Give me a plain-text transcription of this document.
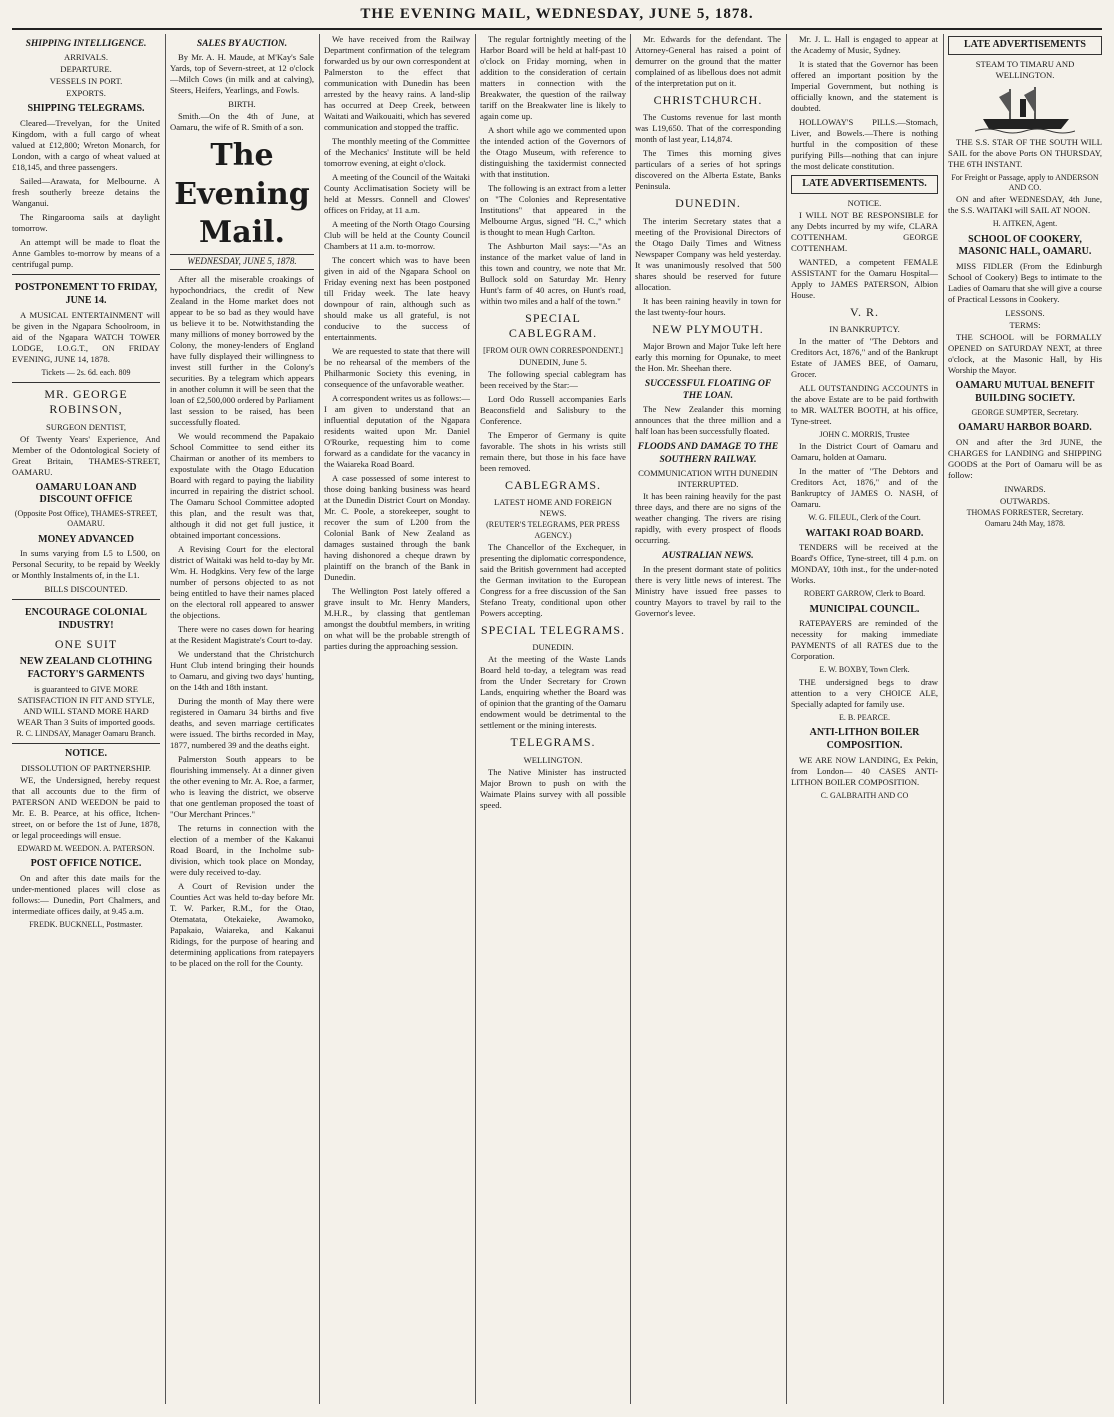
THE EVENING MAIL, WEDNESDAY, JUNE 5, 1878.
SHIPPING INTELLIGENCE.
ARRIVALS.
DEPARTURE.
VESSELS IN PORT.
EXPORTS.
SHIPPING TELEGRAMS.

Cleared—Trevelyan, for the United Kingdom, with a full cargo of wheat valued at £12,800; Wreton Monarch, for London, with a cargo of wheat valued at £18,145, and three passengers.

Sailed—Arawata, for Melbourne. A fresh southerly breeze detains the Wanganui.

The Ringarooma sails at daylight tomorrow.

An attempt will be made to float the Anne Gambles to-morrow by means of a centrifugal pump.

POSTPONEMENT TO FRIDAY, JUNE 14.

A MUSICAL ENTERTAINMENT will be given in the Ngapara Schoolroom, in aid of the Ngapara WATCH TOWER LODGE, I.O.G.T., ON FRIDAY EVENING, JUNE 14, 1878.

Tickets — 2s. 6d. each. 809
MR. GEORGE ROBINSON,
SURGEON DENTIST,

Of Twenty Years' Experience, And Member of the Odontological Society of Great Britain, THAMES-STREET, OAMARU.

OAMARU LOAN AND DISCOUNT OFFICE
(Opposite Post Office), THAMES-STREET, OAMARU.
MONEY ADVANCED

In sums varying from L5 to L500, on Personal Security, to be repaid by Weekly or Monthly Instalments of, in the L1.

BILLS DISCOUNTED.
ENCOURAGE COLONIAL INDUSTRY!
ONE SUIT
NEW ZEALAND CLOTHING FACTORY'S GARMENTS
is guaranteed to GIVE MORE SATISFACTION IN FIT AND STYLE, AND WILL STAND MORE HARD WEAR Than 3 Suits of imported goods.
R. C. LINDSAY, Manager Oamaru Branch.
NOTICE.
DISSOLUTION OF PARTNERSHIP.

WE, the Undersigned, hereby request that all accounts due to the firm of PATERSON AND WEEDON be paid to Mr. E. B. Pearce, at his office, Itchen-street, on or before the 1st of June, 1878, or legal proceedings will ensue.

EDWARD M. WEEDON. A. PATERSON.
POST OFFICE NOTICE.

On and after this date mails for the under-mentioned places will close as follows:— Dunedin, Port Chalmers, and intermediate offices daily, at 9.45 a.m.

FREDK. BUCKNELL, Postmaster.
SALES BY AUCTION.

By Mr. A. H. Maude, at M'Kay's Sale Yards, top of Severn-street, at 12 o'clock —Milch Cows (in milk and at calving), Steers, Heifers, Yearlings, and Fowls.

BIRTH.

Smith.—On the 4th of June, at Oamaru, the wife of R. Smith of a son.

The Evening Mail.
WEDNESDAY, JUNE 5, 1878.

After all the miserable croakings of hypochondriacs, the credit of New Zealand in the Home market does not appear to be so bad as they would have us believe it to be. Notwithstanding the many millions of money borrowed by the Colony, the money-lenders of England have fully displayed their willingness to invest still further in the Colony's securities. By a telegram which appears in another column it will be seen that the loan of £2,500,000 ordered by Parliament last session to be raised, has been successfully floated.

We would recommend the Papakaio School Committee to send either its Chairman or another of its members to expostulate with the Otago Education Board with regard to paying the liability incurred in repairing the district school. The Oamaru School Committee adopted this plan, and the result was that, although it did not get full justice, it obtained important concessions.

A Revising Court for the electoral district of Waitaki was held to-day by Mr. Wm. H. Hodgkins. Very few of the large number of persons objected to as not being entitled to have their names placed on the electoral roll appeared to answer the objections.

There were no cases down for hearing at the Resident Magistrate's Court to-day.

We understand that the Christchurch Hunt Club intend bringing their hounds to Oamaru, and giving two days' hunting, on the 14th and 18th instant.

During the month of May there were registered in Oamaru 34 births and five deaths, and seven marriage certificates were issued. The births recorded in May, 1877, numbered 39 and the deaths eight.

Palmerston South appears to be flourishing immensely. At a dinner given the other evening to Mr. A. Roe, a farmer, who is leaving the district, we observe that one gentleman proposed the toast of "Our Merchant Princes."

The returns in connection with the election of a member of the Kakanui Road Board, in the Incholme sub-division, which took place on Monday, were duly received to-day.

A Court of Revision under the Counties Act was held to-day before Mr. T. W. Parker, R.M., for the Otao, Otematata, Otekaieke, Awamoko, Papakaio, Waiareka, and Kakanui Ridings, for the purpose of hearing and determining applications from ratepayers to be placed on the roll for the County.

We have received from the Railway Department confirmation of the telegram forwarded us by our own correspondent at Palmerston to the effect that communication with Dunedin has been arrested by the heavy rains. A land-slip has occurred at Deep Creek, between Waitati and Waikouaiti, which has severed communication and stopped the traffic.

The monthly meeting of the Committee of the Mechanics' Institute will be held tomorrow evening, at eight o'clock.

A meeting of the Council of the Waitaki County Acclimatisation Society will be held at Messrs. Connell and Clowes' offices on Friday, at 11 a.m.

A meeting of the North Otago Coursing Club will be held at the County Council Chambers at 11 a.m. to-morrow.

The concert which was to have been given in aid of the Ngapara School on Friday evening next has been postponed till Friday week. The late heavy downpour of rain, although such as should make us all grateful, is not conducive to the success of entertainments.

We are requested to state that there will be no rehearsal of the members of the Philharmonic Society this evening, in consequence of the unfavorable weather.

A correspondent writes us as follows:— I am given to understand that an influential deputation of the Ngapara residents waited upon Mr. Daniel O'Rourke, requesting him to come forward as a candidate for the vacancy in the Waiareka Road Board.

A case possessed of some interest to those doing banking business was heard at the Dunedin District Court on Monday. Mr. C. Poole, a storekeeper, sought to recover the sum of L200 from the Colonial Bank of New Zealand as damages sustained through the bank having dishonored a cheque drawn by plaintiff on the branch of the Bank in Dunedin.

The Wellington Post lately offered a grave insult to Mr. Henry Manders, M.H.R., by classing that gentleman amongst the doubtful members, in writing on what will be the probable strength of parties during the approaching session.

The regular fortnightly meeting of the Harbor Board will be held at half-past 10 o'clock on Friday morning, when in addition to the consideration of certain matters in connection with the Breakwater, the question of the railway tariff on the Breakwater line is likely to again come up.

A short while ago we commented upon the intended action of the Governors of the Otago Museum, with reference to distinguishing the taxidermist connected with that institution.

The following is an extract from a letter on "The Colonies and Representative Institutions" that appeared in the Melbourne Argus, signed "H. C.," which is thought to mean Hugh Carlton.

The Ashburton Mail says:—"As an instance of the market value of land in this town and country, we note that Mr. Bullock sold on Saturday Mr. Henry Hunt's farm of 40 acres, on Hunt's road, within two miles and a half of the town."

SPECIAL CABLEGRAM.
[FROM OUR OWN CORRESPONDENT.]
DUNEDIN, June 5.

The following special cablegram has been received by the Star:—

Lord Odo Russell accompanies Earls Beaconsfield and Salisbury to the Conference.

The Emperor of Germany is quite favorable. The shots in his wrists still remain there, but those in his face have been removed.

CABLEGRAMS.
LATEST HOME AND FOREIGN NEWS.
(REUTER'S TELEGRAMS, PER PRESS AGENCY.)

The Chancellor of the Exchequer, in presenting the diplomatic correspondence, said the British government had accepted the German invitation to the European Congress for a free discussion of the San Stefano Treaty, conditional upon other Powers accepting.

SPECIAL TELEGRAMS.
DUNEDIN.

At the meeting of the Waste Lands Board held to-day, a telegram was read from the Under Secretary for Crown Lands, enquiring whether the Board was of opinion that the granting of the Oamaru endowment would be detrimental to the settlement or the mining interests.

TELEGRAMS.
WELLINGTON.

The Native Minister has instructed Major Brown to push on with the Waimate Plains survey with all possible speed.

Mr. Edwards for the defendant. The Attorney-General has raised a point of demurrer on the ground that the matter complained of as libellous does not admit of the interpretation put on it.

CHRISTCHURCH.

The Customs revenue for last month was L19,650. That of the corresponding month of last year, L14,874.

The Times this morning gives particulars of a series of hot springs discovered on the Alberta Estate, Banks Peninsula.

DUNEDIN.

The interim Secretary states that a meeting of the Provisional Directors of the Otago Daily Times and Witness Newspaper Company was held yesterday. It was unanimously resolved that 500 shares should be reserved for future allocation.

It has been raining heavily in town for the last twenty-four hours.

NEW PLYMOUTH.

Major Brown and Major Tuke left here early this morning for Opunake, to meet the Hon. Mr. Sheehan there.

SUCCESSFUL FLOATING OF THE LOAN.

The New Zealander this morning announces that the three million and a half loan has been successfully floated.

FLOODS AND DAMAGE TO THE SOUTHERN RAILWAY.
COMMUNICATION WITH DUNEDIN INTERRUPTED.

It has been raining heavily for the past three days, and there are no signs of the weather changing. The rivers are rising rapidly, with every prospect of floods occurring.

AUSTRALIAN NEWS.

In the present dormant state of politics there is very little news of interest. The Ministry have issued free passes to country Mayors to travel by rail to the Governor's levee.

Mr. J. L. Hall is engaged to appear at the Academy of Music, Sydney.

It is stated that the Governor has been offered an important position by the Imperial Government, but nothing is officially known, and the statement is doubted.

HOLLOWAY'S PILLS.—Stomach, Liver, and Bowels.—There is nothing hurtful in the composition of these purifying Pills—nothing that can injure the most delicate constitution.

LATE ADVERTISEMENTS.
NOTICE.

I WILL NOT BE RESPONSIBLE for any Debts incurred by my wife, CLARA COTTENHAM. GEORGE COTTENHAM.

WANTED, a competent FEMALE ASSISTANT for the Oamaru Hospital—Apply to JAMES PATERSON, Albion House.

V. R.
IN BANKRUPTCY.

In the matter of "The Debtors and Creditors Act, 1876," and of the Bankrupt Estate of JAMES BEE, of Oamaru, Grocer.

ALL OUTSTANDING ACCOUNTS in the above Estate are to be paid forthwith to MR. WALTER BOOTH, at his office, Tyne-street.

JOHN C. MORRIS, Trustee

In the District Court of Oamaru and Oamaru, holden at Oamaru.

In the matter of "The Debtors and Creditors Act, 1876," and of the Bankruptcy of JAMES O. NASH, of Oamaru.

W. G. FILEUL, Clerk of the Court.
WAITAKI ROAD BOARD.

TENDERS will be received at the Board's Office, Tyne-street, till 4 p.m. on MONDAY, 10th inst., for the under-noted Works.

ROBERT GARROW, Clerk to Board.
MUNICIPAL COUNCIL.

RATEPAYERS are reminded of the necessity for making immediate PAYMENTS of all RATES due to the Corporation.

E. W. BOXBY, Town Clerk.

THE undersigned begs to draw attention to a very CHOICE ALE, Specially adapted for family use.

E. B. PEARCE.
ANTI-LITHON BOILER COMPOSITION.

WE ARE NOW LANDING, Ex Pekin, from London— 40 CASES ANTI-LITHON BOILER COMPOSITION.

C. GALBRAITH AND CO
LATE ADVERTISEMENTS
STEAM TO TIMARU AND WELLINGTON.

THE S.S. STAR OF THE SOUTH WILL SAIL for the above Ports ON THURSDAY, THE 6TH INSTANT.

For Freight or Passage, apply to ANDERSON AND CO.

ON and after WEDNESDAY, 4th June, the S.S. WAITAKI will SAIL AT NOON.

H. AITKEN, Agent.
SCHOOL OF COOKERY, MASONIC HALL, OAMARU.

MISS FIDLER (From the Edinburgh School of Cookery) Begs to intimate to the Ladies of Oamaru that she will give a course of Practical Lessons in Cookery.

LESSONS.
TERMS:

THE SCHOOL will be FORMALLY OPENED on SATURDAY NEXT, at three o'clock, at the Masonic Hall, by His Worship the Mayor.

OAMARU MUTUAL BENEFIT BUILDING SOCIETY.
GEORGE SUMPTER, Secretary.
OAMARU HARBOR BOARD.

ON and after the 3rd JUNE, the CHARGES for LANDING and SHIPPING GOODS at the Port of Oamaru will be as follow:

INWARDS.
OUTWARDS.
THOMAS FORRESTER, Secretary.
Oamaru 24th May, 1878.
